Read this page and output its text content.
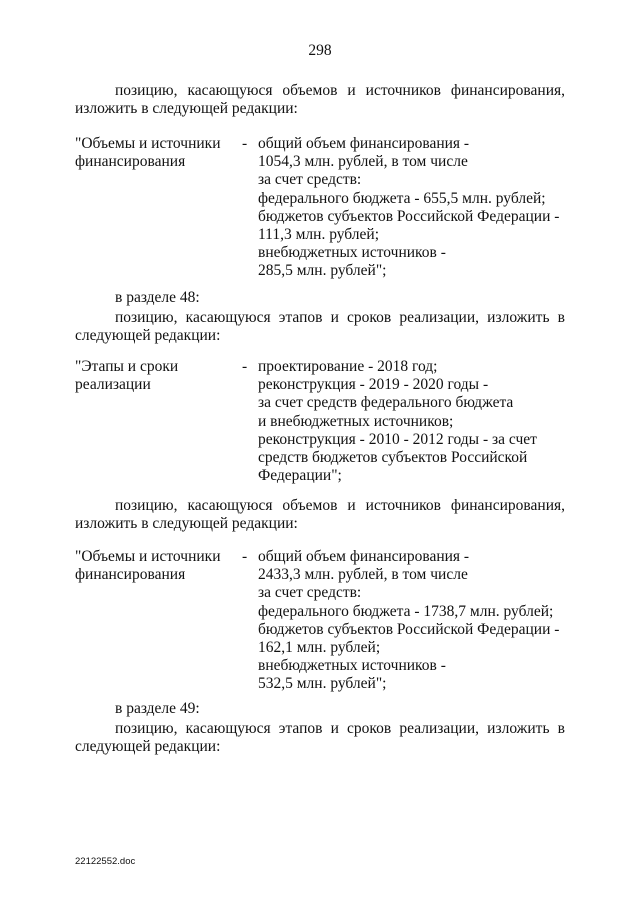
298
позицию, касающуюся объемов и источников финансирования,
изложить в следующей редакции:
"Объемы и источники
финансирования
- общий объем финансирования -
1054,3 млн. рублей, в том числе
за счет средств:
федерального бюджета - 655,5 млн. рублей;
бюджетов субъектов Российской Федерации -
111,3 млн. рублей;
внебюджетных источников -
285,5 млн. рублей";
в разделе 48:
позицию, касающуюся этапов и сроков реализации, изложить в
следующей редакции:
"Этапы и сроки
реализации
- проектирование - 2018 год;
реконструкция - 2019 - 2020 годы -
за счет средств федерального бюджета
и внебюджетных источников;
реконструкция - 2010 - 2012 годы - за счет
средств бюджетов субъектов Российской
Федерации";
позицию, касающуюся объемов и источников финансирования,
изложить в следующей редакции:
"Объемы и источники
финансирования
- общий объем финансирования -
2433,3 млн. рублей, в том числе
за счет средств:
федерального бюджета - 1738,7 млн. рублей;
бюджетов субъектов Российской Федерации -
162,1 млн. рублей;
внебюджетных источников -
532,5 млн. рублей";
в разделе 49:
позицию, касающуюся этапов и сроков реализации, изложить в
следующей редакции:
22122552.doc
